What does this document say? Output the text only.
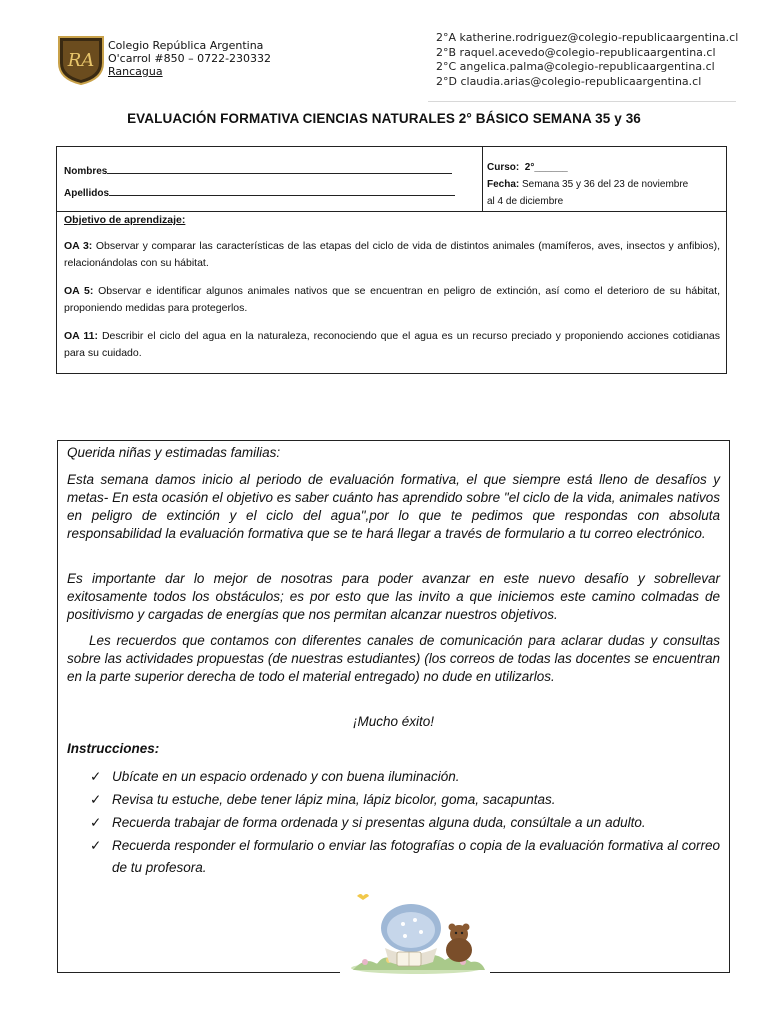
RA
Colegio República Argentina
O'carrol #850 – 0722-230332
Rancagua
2°A katherine.rodriguez@colegio-republicaargentina.cl
2°B raquel.acevedo@colegio-republicaargentina.cl
2°C angelica.palma@colegio-republicaargentina.cl
2°D claudia.arias@colegio-republicaargentina.cl
EVALUACIÓN FORMATIVA CIENCIAS NATURALES 2° BÁSICO SEMANA 35 y 36
Nombres
Apellidos
Curso: 2°______
Fecha: Semana 35 y 36 del 23 de noviembre
al 4 de diciembre
Objetivo de aprendizaje:
OA 3: Observar y comparar las características de las etapas del ciclo de vida de distintos animales (mamíferos, aves, insectos y anfibios), relacionándolas con su hábitat.
OA 5: Observar e identificar algunos animales nativos que se encuentran en peligro de extinción, así como el deterioro de su hábitat, proponiendo medidas para protegerlos.
OA 11: Describir el ciclo del agua en la naturaleza, reconociendo que el agua es un recurso preciado y proponiendo acciones cotidianas para su cuidado.
Querida niñas y estimadas familias:
Esta semana damos inicio al periodo de evaluación formativa, el que siempre está lleno de desafíos y metas- En esta ocasión el objetivo es saber cuánto has aprendido sobre "el ciclo de la vida, animales nativos en peligro de extinción y el ciclo del agua",por lo que te pedimos que respondas con absoluta responsabilidad la evaluación formativa que se te hará llegar a través de formulario a tu correo electrónico.
Es importante dar lo mejor de nosotras para poder avanzar en este nuevo desafío y sobrellevar exitosamente todos los obstáculos; es por esto que las invito a que iniciemos este camino colmadas de positivismo y cargadas de energías que nos permitan alcanzar nuestros objetivos.
Les recuerdos que contamos con diferentes canales de comunicación para aclarar dudas y consultas sobre las actividades propuestas (de nuestras estudiantes) (los correos de todas las docentes se encuentran en la parte superior derecha de todo el material entregado) no dude en utilizarlos.
¡Mucho éxito!
Instrucciones:
✓ Ubícate en un espacio ordenado y con buena iluminación.
✓ Revisa tu estuche, debe tener lápiz mina, lápiz bicolor, goma, sacapuntas.
✓ Recuerda trabajar de forma ordenada y si presentas alguna duda, consúltale a un adulto.
✓ Recuerda responder el formulario o enviar las fotografías o copia de la evaluación formativa al correo de tu profesora.
